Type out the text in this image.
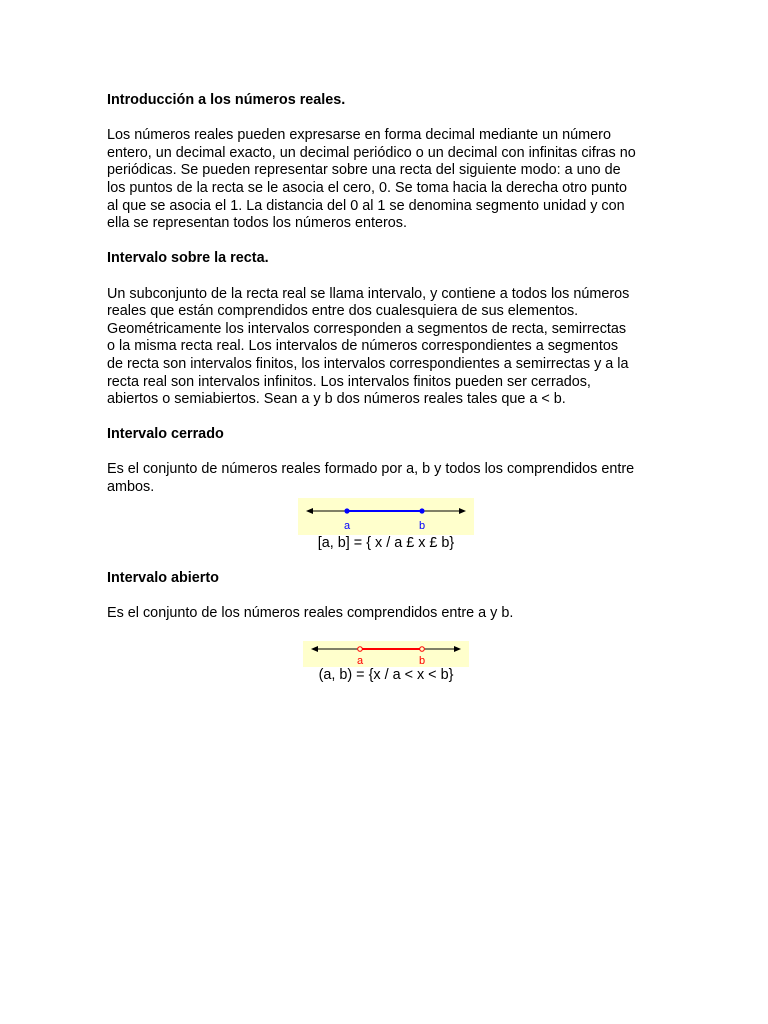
Introducción a los números reales.

Los números reales pueden expresarse en forma decimal mediante un número

entero, un decimal exacto, un decimal periódico o un decimal con infinitas cifras no

periódicas. Se pueden representar sobre una recta del siguiente modo: a uno de

los puntos de la recta se le asocia el cero, 0. Se toma hacia la derecha otro punto

al que se asocia el 1. La distancia del 0 al 1 se denomina segmento unidad y con

ella se representan todos los números enteros.

Intervalo sobre la recta.

Un subconjunto de la recta real se llama intervalo, y contiene a todos los números

reales que están comprendidos entre dos cualesquiera de sus elementos.

Geométricamente los intervalos corresponden a segmentos de recta, semirrectas

o la misma recta real. Los intervalos de números correspondientes a segmentos

de recta son intervalos finitos, los intervalos correspondientes a semirrectas y a la

recta real son intervalos infinitos. Los intervalos finitos pueden ser cerrados,

abiertos o semiabiertos. Sean a y b dos números reales tales que a < b.

Intervalo cerrado

Es el conjunto de números reales formado por a, b y todos los comprendidos entre

ambos.

a	b

[a, b] = { x / a £ x £ b}

Intervalo abierto

Es el conjunto de los números reales comprendidos entre a y b.

a	b

(a, b) = {x / a < x < b}
